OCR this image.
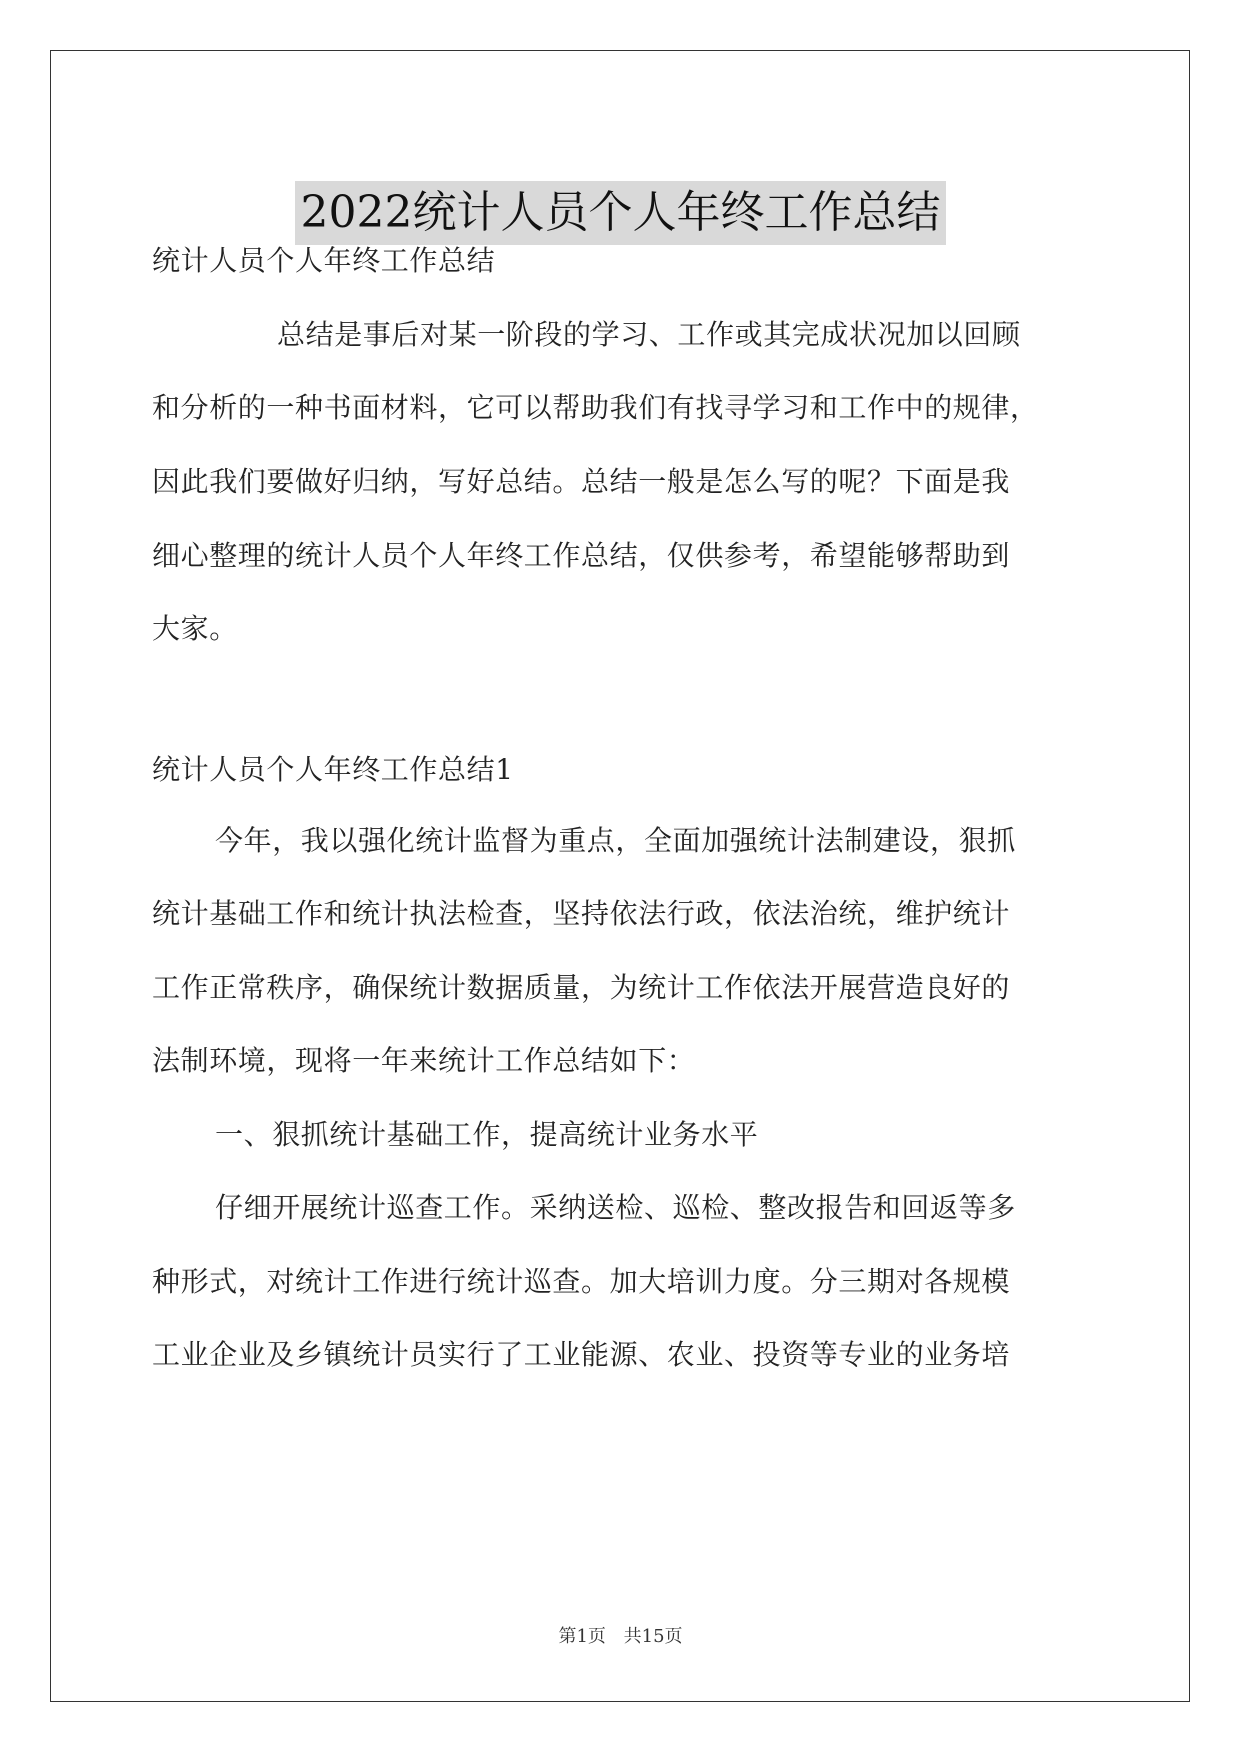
2022统计人员个人年终工作总结
统计人员个人年终工作总结
总结是事后对某一阶段的学习、工作或其完成状况加以回顾
和分析的一种书面材料，它可以帮助我们有找寻学习和工作中的规律，
因此我们要做好归纳，写好总结。总结一般是怎么写的呢？下面是我
细心整理的统计人员个人年终工作总结，仅供参考，希望能够帮助到
大家。
统计人员个人年终工作总结1
今年，我以强化统计监督为重点，全面加强统计法制建设，狠抓
统计基础工作和统计执法检查，坚持依法行政，依法治统，维护统计
工作正常秩序，确保统计数据质量，为统计工作依法开展营造良好的
法制环境，现将一年来统计工作总结如下：
一、狠抓统计基础工作，提高统计业务水平
仔细开展统计巡查工作。采纳送检、巡检、整改报告和回返等多
种形式，对统计工作进行统计巡查。加大培训力度。分三期对各规模
工业企业及乡镇统计员实行了工业能源、农业、投资等专业的业务培
第1页 共15页
